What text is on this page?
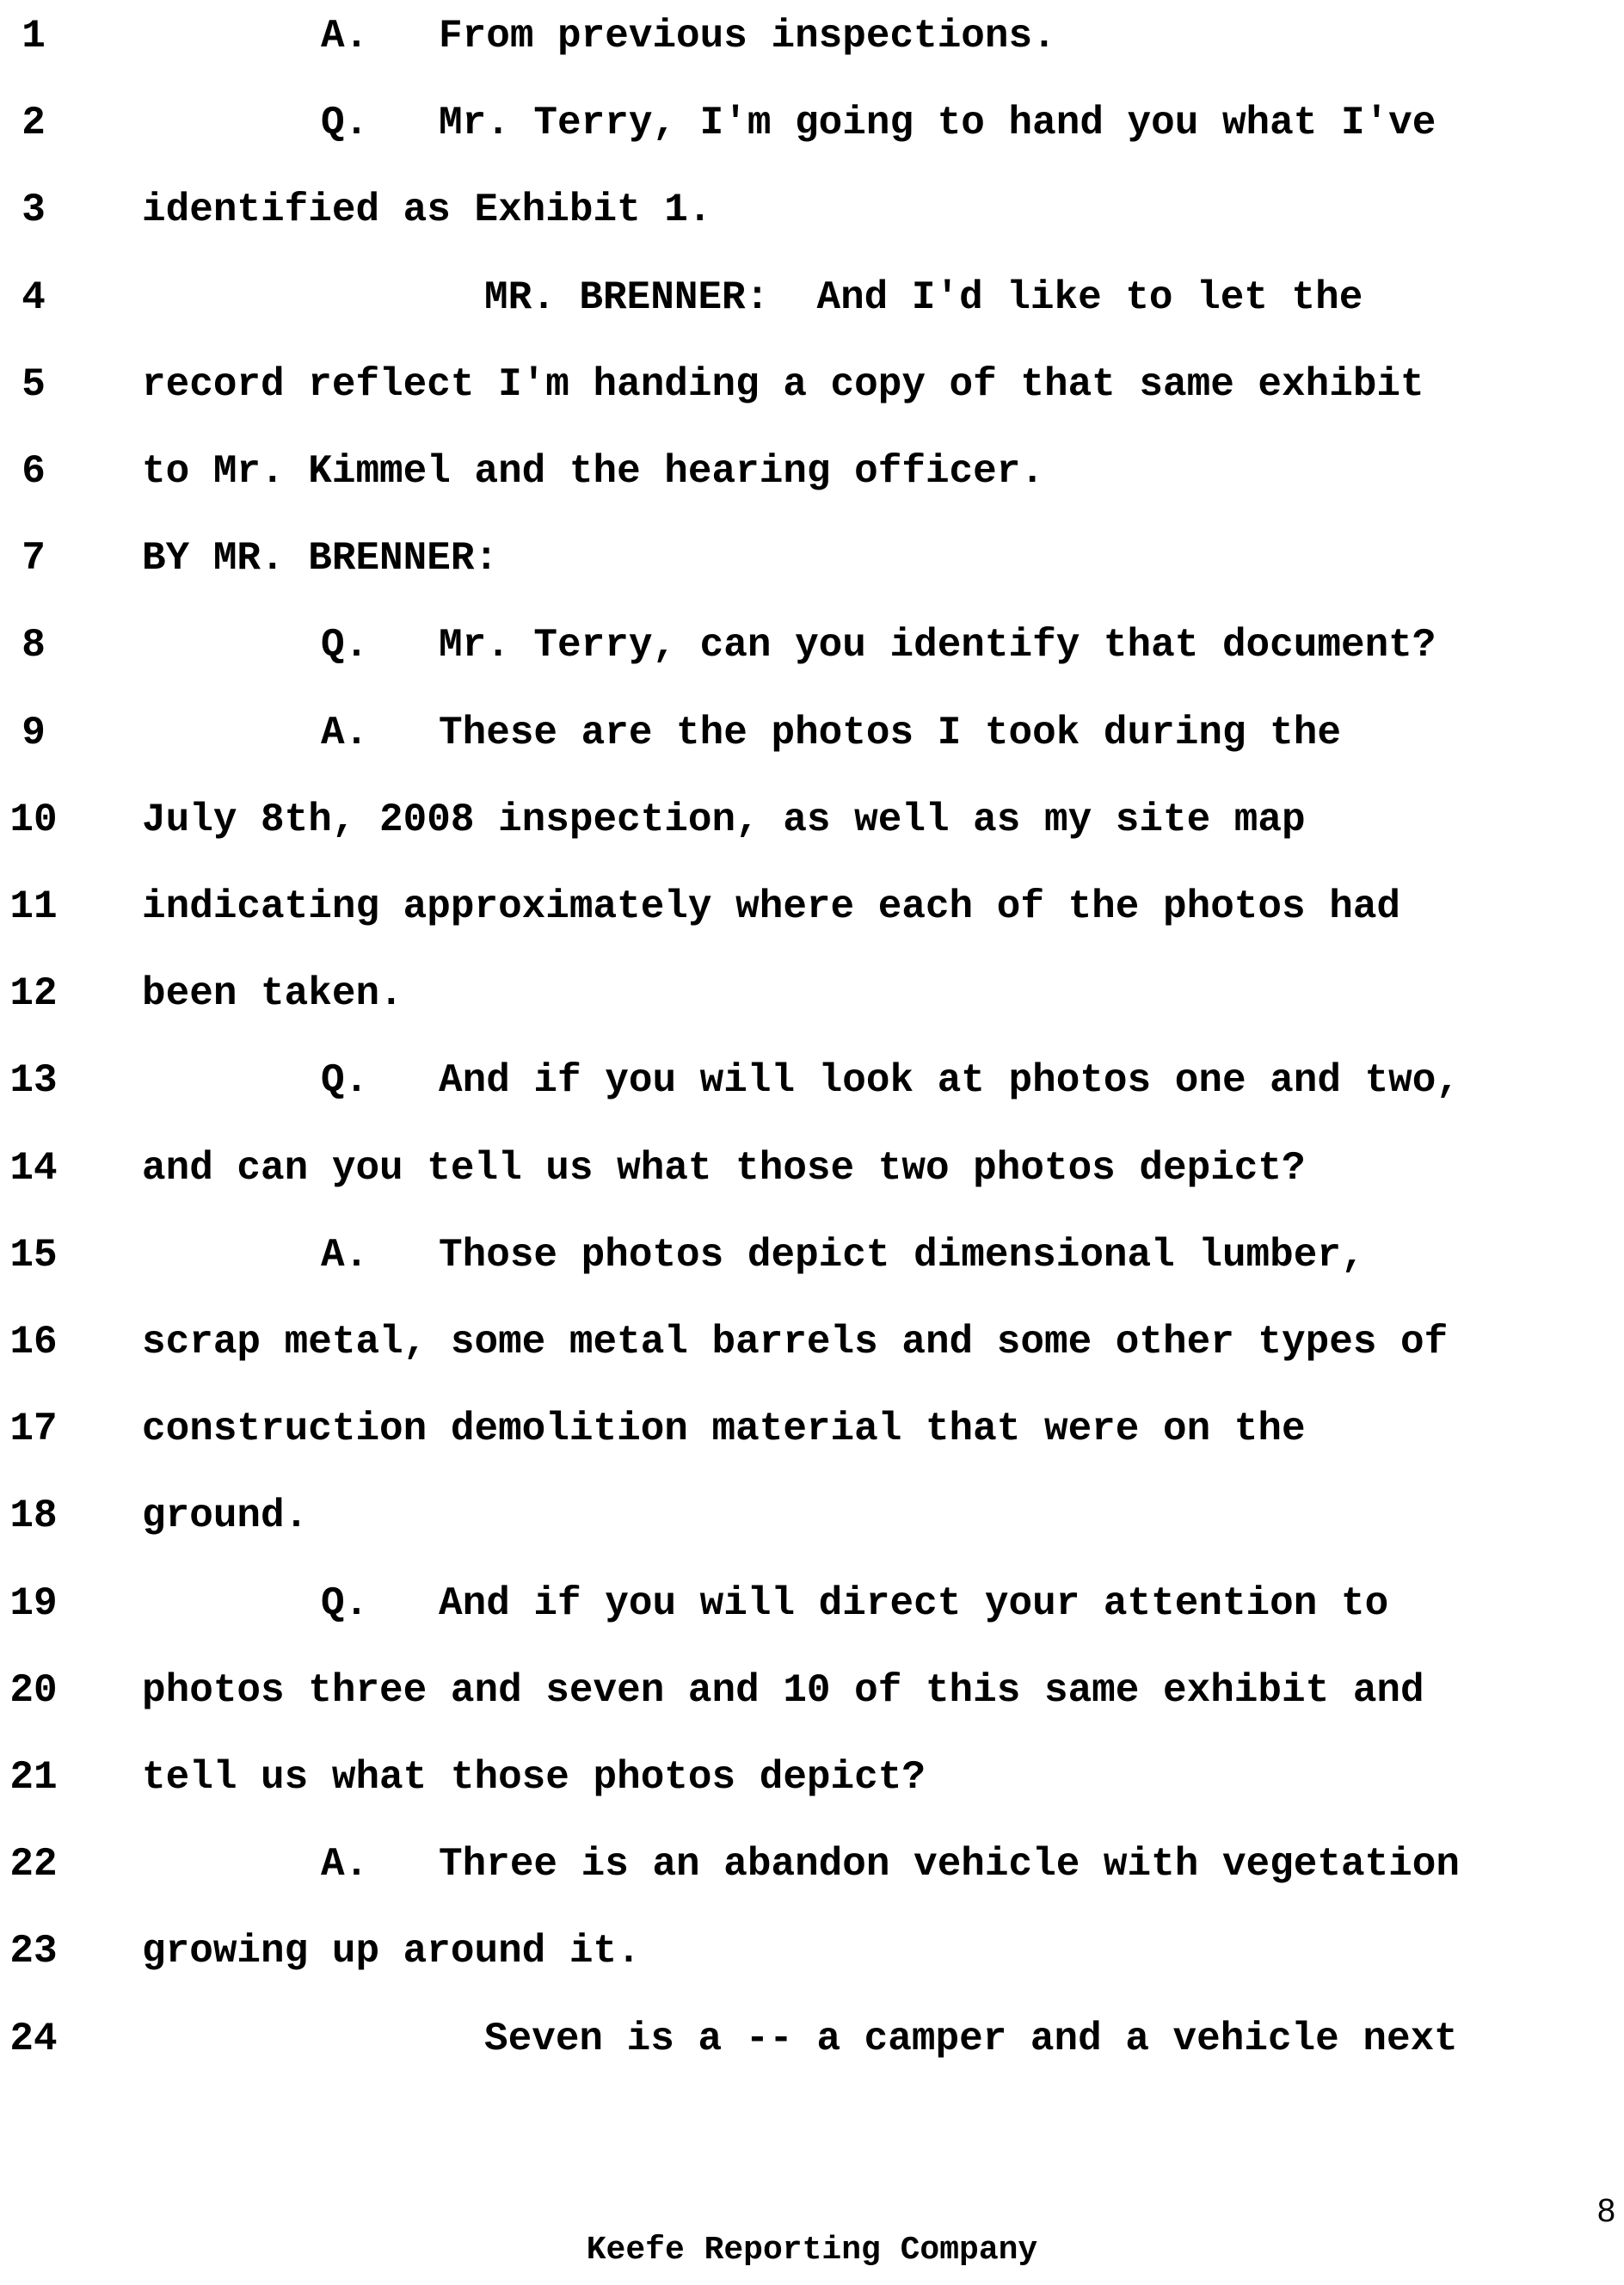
1	A. From previous inspections.
2	Q. Mr. Terry, I'm going to hand you what I've
3	identified as Exhibit 1.
4	MR. BRENNER:  And I'd like to let the
5	record reflect I'm handing a copy of that same exhibit
6	to Mr. Kimmel and the hearing officer.
7	BY MR. BRENNER:
8	Q. Mr. Terry, can you identify that document?
9	A. These are the photos I took during the
10 July 8th, 2008 inspection, as well as my site map
11 indicating approximately where each of the photos had
12 been taken.
13	Q. And if you will look at photos one and two,
14 and can you tell us what those two photos depict?
15	A. Those photos depict dimensional lumber,
16 scrap metal, some metal barrels and some other types of
17 construction demolition material that were on the
18 ground.
19	Q. And if you will direct your attention to
20 photos three and seven and 10 of this same exhibit and
21 tell us what those photos depict?
22	A. Three is an abandon vehicle with vegetation
23 growing up around it.
24	Seven is a -- a camper and a vehicle next
8
Keefe Reporting Company
